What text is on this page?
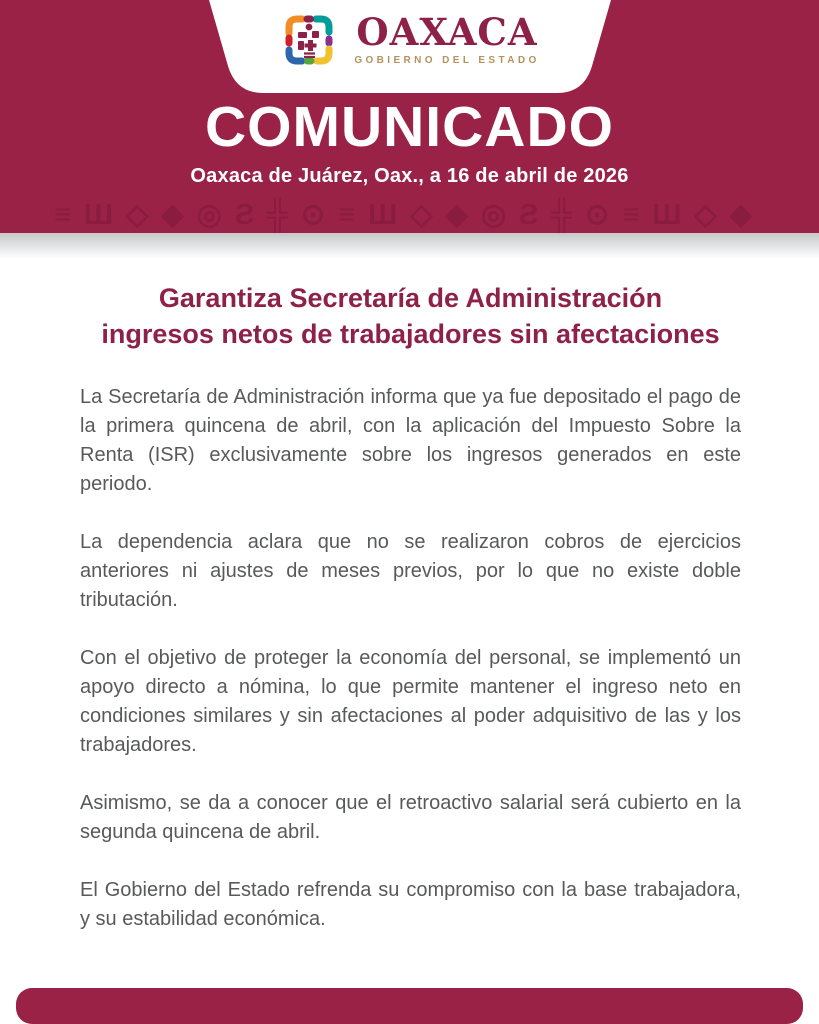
OAXACA
GOBIERNO DEL ESTADO
COMUNICADO
Oaxaca de Juárez, Oax., a 16 de abril de 2026
≡Ш◇◆◎Ƨ╬⊙≡Ш◇◆◎Ƨ╬⊙≡Ш◇◆
Garantiza Secretaría de Administración
ingresos netos de trabajadores sin afectaciones

La Secretaría de Administración informa que ya fue depositado el pago de la primera quincena de abril, con la aplicación del Impuesto Sobre la Renta (ISR) exclusivamente sobre los ingresos generados en este periodo.

La dependencia aclara que no se realizaron cobros de ejercicios anteriores ni ajustes de meses previos, por lo que no existe doble tributación.

Con el objetivo de proteger la economía del personal, se implementó un apoyo directo a nómina, lo que permite mantener el ingreso neto en condiciones similares y sin afectaciones al poder adquisitivo de las y los trabajadores.

Asimismo, se da a conocer que el retroactivo salarial será cubierto en la segunda quincena de abril.

El Gobierno del Estado refrenda su compromiso con la base trabajadora, y su estabilidad económica.
